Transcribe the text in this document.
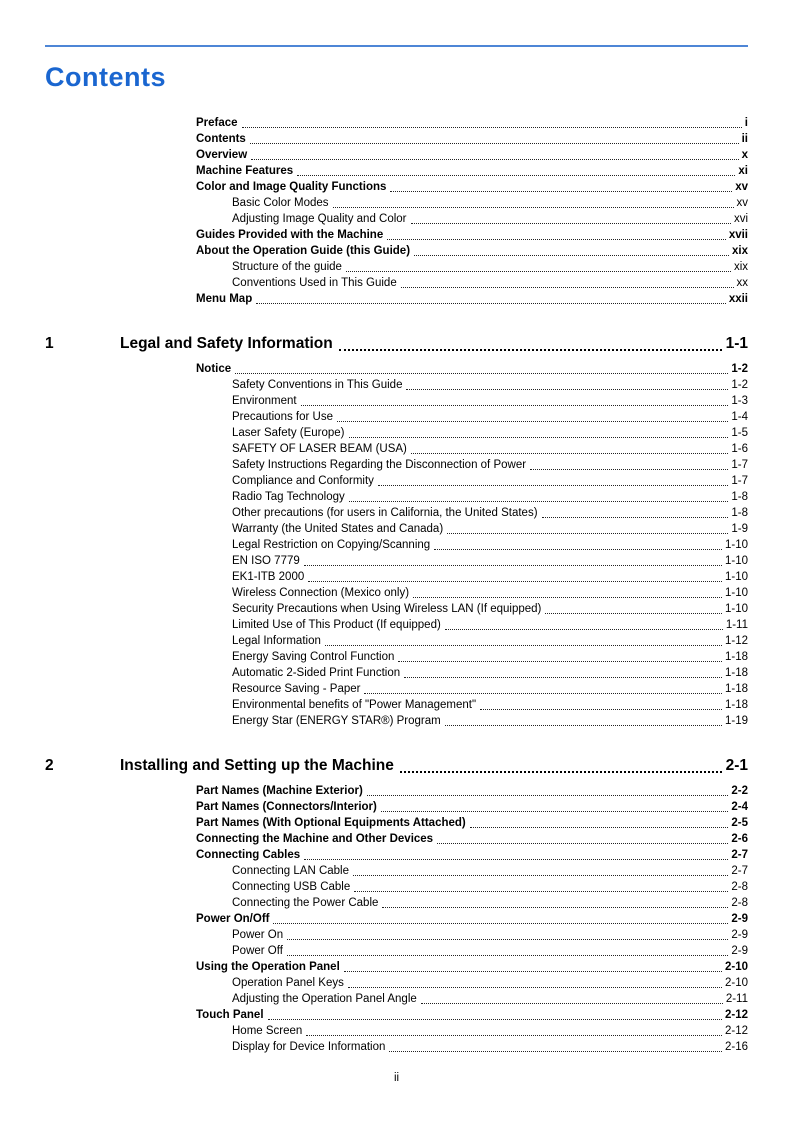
Contents
Preface	i
Contents	ii
Overview	x
Machine Features	xi
Color and Image Quality Functions	xv
Basic Color Modes	xv
Adjusting Image Quality and Color	xvi
Guides Provided with the Machine	xvii
About the Operation Guide (this Guide)	xix
Structure of the guide	xix
Conventions Used in This Guide	xx
Menu Map	xxii
1	Legal and Safety Information	1-1
Notice	1-2
Safety Conventions in This Guide	1-2
Environment	1-3
Precautions for Use	1-4
Laser Safety (Europe)	1-5
SAFETY OF LASER BEAM (USA)	1-6
Safety Instructions Regarding the Disconnection of Power	1-7
Compliance and Conformity	1-7
Radio Tag Technology	1-8
Other precautions (for users in California, the United States)	1-8
Warranty (the United States and Canada)	1-9
Legal Restriction on Copying/Scanning	1-10
EN ISO 7779	1-10
EK1-ITB 2000	1-10
Wireless Connection (Mexico only)	1-10
Security Precautions when Using Wireless LAN (If equipped)	1-10
Limited Use of This Product (If equipped)	1-11
Legal Information	1-12
Energy Saving Control Function	1-18
Automatic 2-Sided Print Function	1-18
Resource Saving - Paper	1-18
Environmental benefits of "Power Management"	1-18
Energy Star (ENERGY STAR®) Program	1-19
2	Installing and Setting up the Machine	2-1
Part Names (Machine Exterior)	2-2
Part Names (Connectors/Interior)	2-4
Part Names (With Optional Equipments Attached)	2-5
Connecting the Machine and Other Devices	2-6
Connecting Cables	2-7
Connecting LAN Cable	2-7
Connecting USB Cable	2-8
Connecting the Power Cable	2-8
Power On/Off	2-9
Power On	2-9
Power Off	2-9
Using the Operation Panel	2-10
Operation Panel Keys	2-10
Adjusting the Operation Panel Angle	2-11
Touch Panel	2-12
Home Screen	2-12
Display for Device Information	2-16
ii
